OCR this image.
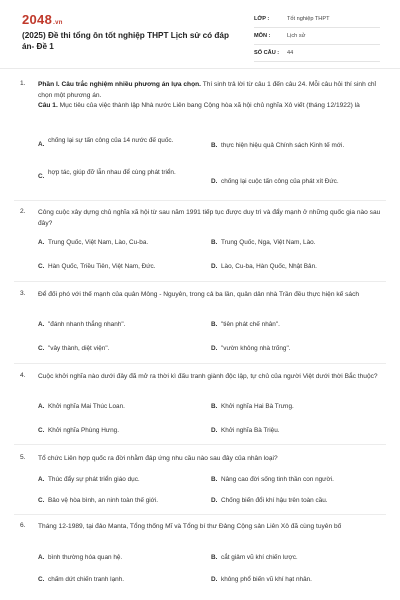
2048.vn
(2025) Đề thi tổng ôn tốt nghiệp THPT Lịch sử có đáp án- Đề 1
LỚP :	Tốt nghiệp THPT
MÔN :	Lịch sử
SỐ CÂU :	44
1. Phần I. Câu trắc nghiệm nhiều phương án lựa chọn. Thí sinh trả lời từ câu 1 đến câu 24. Mỗi câu hỏi thí sinh chỉ chọn một phương án.
Câu 1. Mục tiêu của việc thành lập Nhà nước Liên bang Cộng hòa xã hội chủ nghĩa Xô viết (tháng 12/1922) là
A.
chống lại sự tấn công của 14 nước đế quốc.
B. thực hiện hiệu quả Chính sách Kinh tế mới.
C.
hợp tác, giúp đỡ lẫn nhau để cùng phát triển.
D. chống lại cuộc tấn công của phát xít Đức.
2. Công cuộc xây dựng chủ nghĩa xã hội từ sau năm 1991 tiếp tục được duy trì và đẩy mạnh ở những quốc gia nào sau đây?
A. Trung Quốc, Việt Nam, Lào, Cu-ba.	B. Trung Quốc, Nga, Việt Nam, Lào.
C. Hàn Quốc, Triều Tiên, Việt Nam, Đức.	D. Lào, Cu-ba, Hàn Quốc, Nhật Bản.
3. Để đối phó với thế mạnh của quân Mông - Nguyên, trong cả ba lần, quân dân nhà Trần đều thực hiện kế sách
A. "đánh nhanh thắng nhanh".	B. "tiên phát chế nhân".
C. "vây thành, diệt viện".	D. "vườn không nhà trống".
4. Cuộc khởi nghĩa nào dưới đây đã mở ra thời kì đấu tranh giành độc lập, tự chủ của người Việt dưới thời Bắc thuộc?
A. Khởi nghĩa Mai Thúc Loan.	B. Khởi nghĩa Hai Bà Trưng.
C. Khởi nghĩa Phùng Hưng.	D. Khởi nghĩa Bà Triệu.
5. Tổ chức Liên hợp quốc ra đời nhằm đáp ứng nhu cầu nào sau đây của nhân loại?
A. Thúc đẩy sự phát triển giáo dục.	B. Nâng cao đời sống tinh thần con người.
C. Bảo vệ hòa bình, an ninh toàn thế giới.	D. Chống biến đổi khí hậu trên toàn cầu.
6. Tháng 12-1989, tại đảo Manta, Tổng thống Mĩ và Tổng bí thư Đảng Cộng sản Liên Xô đã cùng tuyên bố
A. bình thường hóa quan hệ.	B. cắt giảm vũ khí chiến lược.
C. chấm dứt chiến tranh lạnh.	D. không phổ biến vũ khí hạt nhân.
